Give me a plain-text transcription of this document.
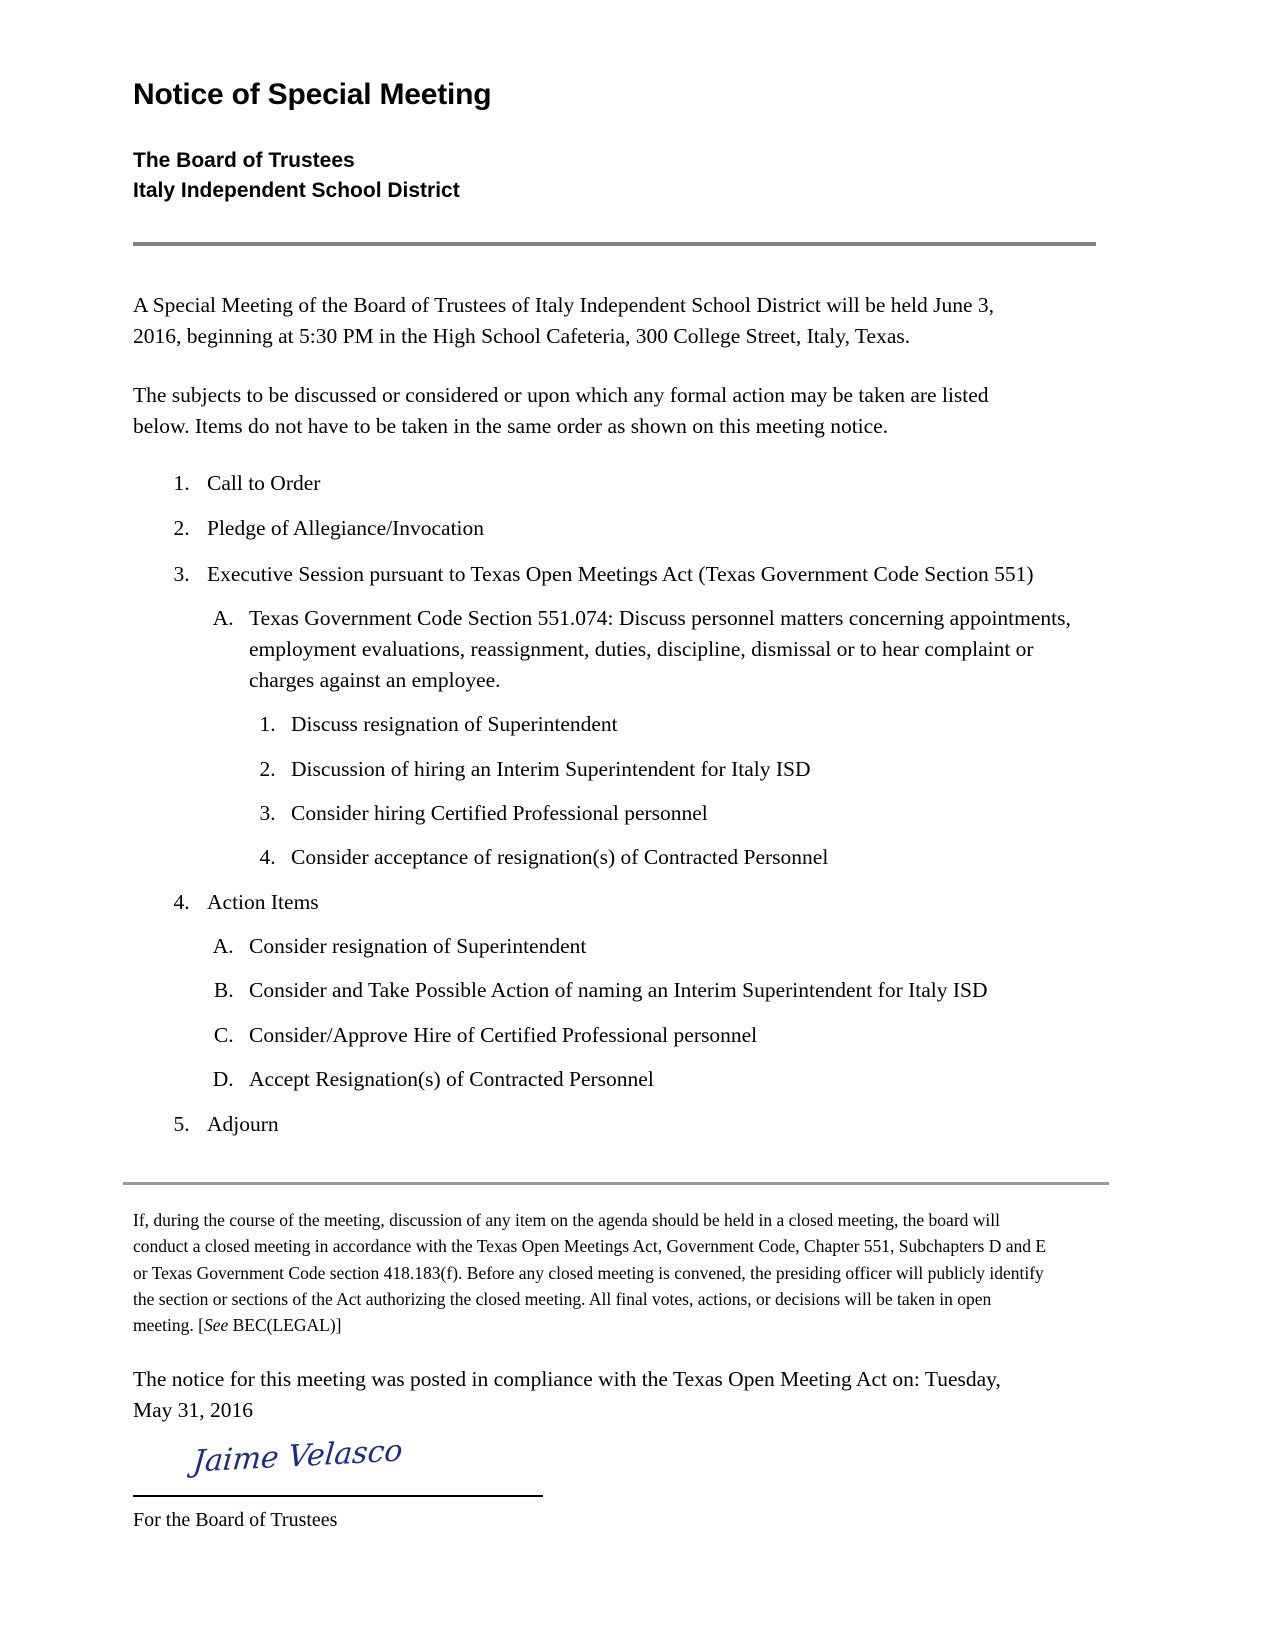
Notice of Special Meeting
The Board of Trustees
Italy Independent School District

A Special Meeting of the Board of Trustees of Italy Independent School District will be held June 3, 2016, beginning at 5:30 PM in the High School Cafeteria, 300 College Street, Italy, Texas.

The subjects to be discussed or considered or upon which any formal action may be taken are listed below. Items do not have to be taken in the same order as shown on this meeting notice.

1. Call to Order
2. Pledge of Allegiance/Invocation
3. Executive Session pursuant to Texas Open Meetings Act (Texas Government Code Section 551)
A. Texas Government Code Section 551.074: Discuss personnel matters concerning appointments, employment evaluations, reassignment, duties, discipline, dismissal or to hear complaint or charges against an employee.
1. Discuss resignation of Superintendent
2. Discussion of hiring an Interim Superintendent for Italy ISD
3. Consider hiring Certified Professional personnel
4. Consider acceptance of resignation(s) of Contracted Personnel
4. Action Items
A. Consider resignation of Superintendent
B. Consider and Take Possible Action of naming an Interim Superintendent for Italy ISD
C. Consider/Approve Hire of Certified Professional personnel
D. Accept Resignation(s) of Contracted Personnel
5. Adjourn

If, during the course of the meeting, discussion of any item on the agenda should be held in a closed meeting, the board will conduct a closed meeting in accordance with the Texas Open Meetings Act, Government Code, Chapter 551, Subchapters D and E or Texas Government Code section 418.183(f). Before any closed meeting is convened, the presiding officer will publicly identify the section or sections of the Act authorizing the closed meeting. All final votes, actions, or decisions will be taken in open meeting. [See BEC(LEGAL)]

The notice for this meeting was posted in compliance with the Texas Open Meeting Act on: Tuesday, May 31, 2016

Jaime Velasco
For the Board of Trustees
